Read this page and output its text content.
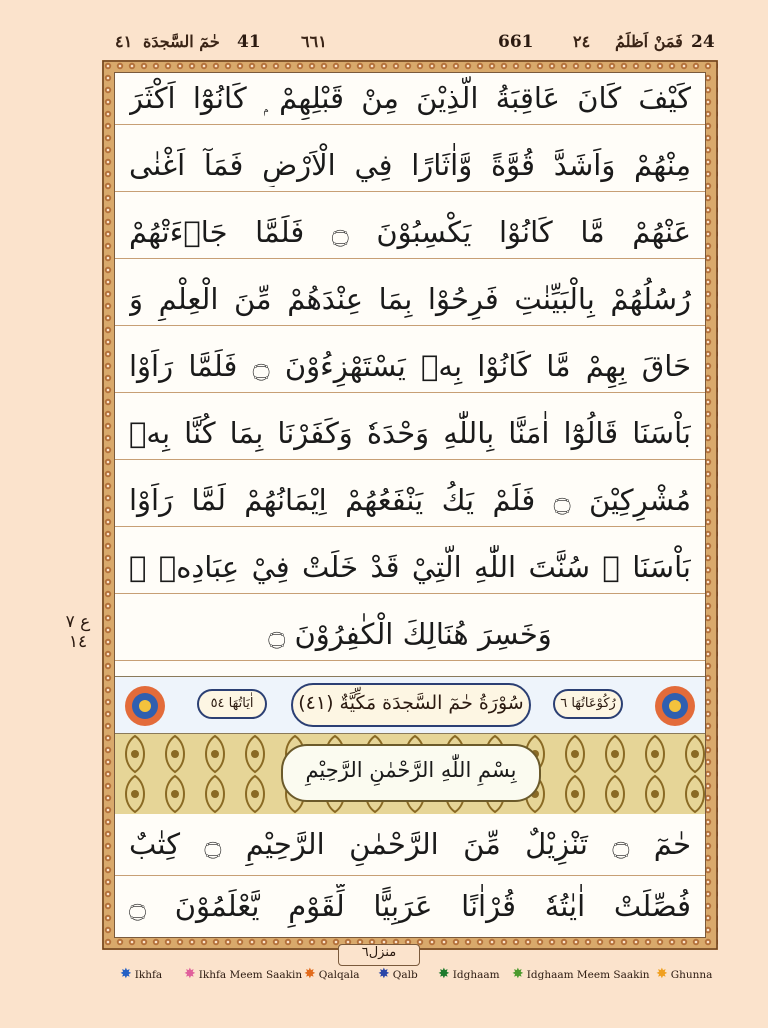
٤١ حٰمٓ السَّجدَة 41	٦٦١	661 ٢٤ فَمَنْ اَظلَمُ 24
كَيْفَ كَانَ عَاقِبَةُ الَّذِيْنَ مِنْ قَبْلِهِمْ ۭ كَانُوْٓا اَكْثَرَ
مِنْهُمْ وَاَشَدَّ قُوَّةً وَّاٰثَارًا فِي الْاَرْضِ فَمَآ اَغْنٰى
عَنْهُمْ مَّا كَانُوْا يَكْسِبُوْنَ ۝ فَلَمَّا جَاۗءَتْهُمْ
رُسُلُهُمْ بِالْبَيِّنٰتِ فَرِحُوْا بِمَا عِنْدَهُمْ مِّنَ الْعِلْمِ وَ
حَاقَ بِهِمْ مَّا كَانُوْا بِهٖ يَسْتَهْزِءُوْنَ ۝ فَلَمَّا رَاَوْا
بَاْسَنَا قَالُوْٓا اٰمَنَّا بِاللّٰهِ وَحْدَهٗ وَكَفَرْنَا بِمَا كُنَّا بِهٖ
مُشْرِكِيْنَ ۝ فَلَمْ يَكُ يَنْفَعُهُمْ اِيْمَانُهُمْ لَمَّا رَاَوْا
بَاْسَنَا ۭ سُنَّتَ اللّٰهِ الَّتِيْ قَدْ خَلَتْ فِيْ عِبَادِهٖ ۚ
وَخَسِرَ هُنَالِكَ الْكٰفِرُوْنَ ۝
اٰيَاتُهَا ٥٤	سُوْرَةُ حٰمٓ السَّجدَة مَكِّيَّةٌ (٤١)	رُكُوْعَاتُهَا ٦
بِسْمِ اللّٰهِ الرَّحْمٰنِ الرَّحِيْمِ
حٰمٓ ۝ تَنْزِيْلٌ مِّنَ الرَّحْمٰنِ الرَّحِيْمِ ۝ كِتٰبٌ
فُصِّلَتْ اٰيٰتُهٗ قُرْاٰنًا عَرَبِيًّا لِّقَوْمٍ يَّعْلَمُوْنَ ۝
ع ٧ ١٤
منزل٦
✸ Ikhfa ✸ Ikhfa Meem Saakin ✸ Qalqala ✸ Qalb ✸ Idghaam ✸ Idghaam Meem Saakin ✸ Ghunna
